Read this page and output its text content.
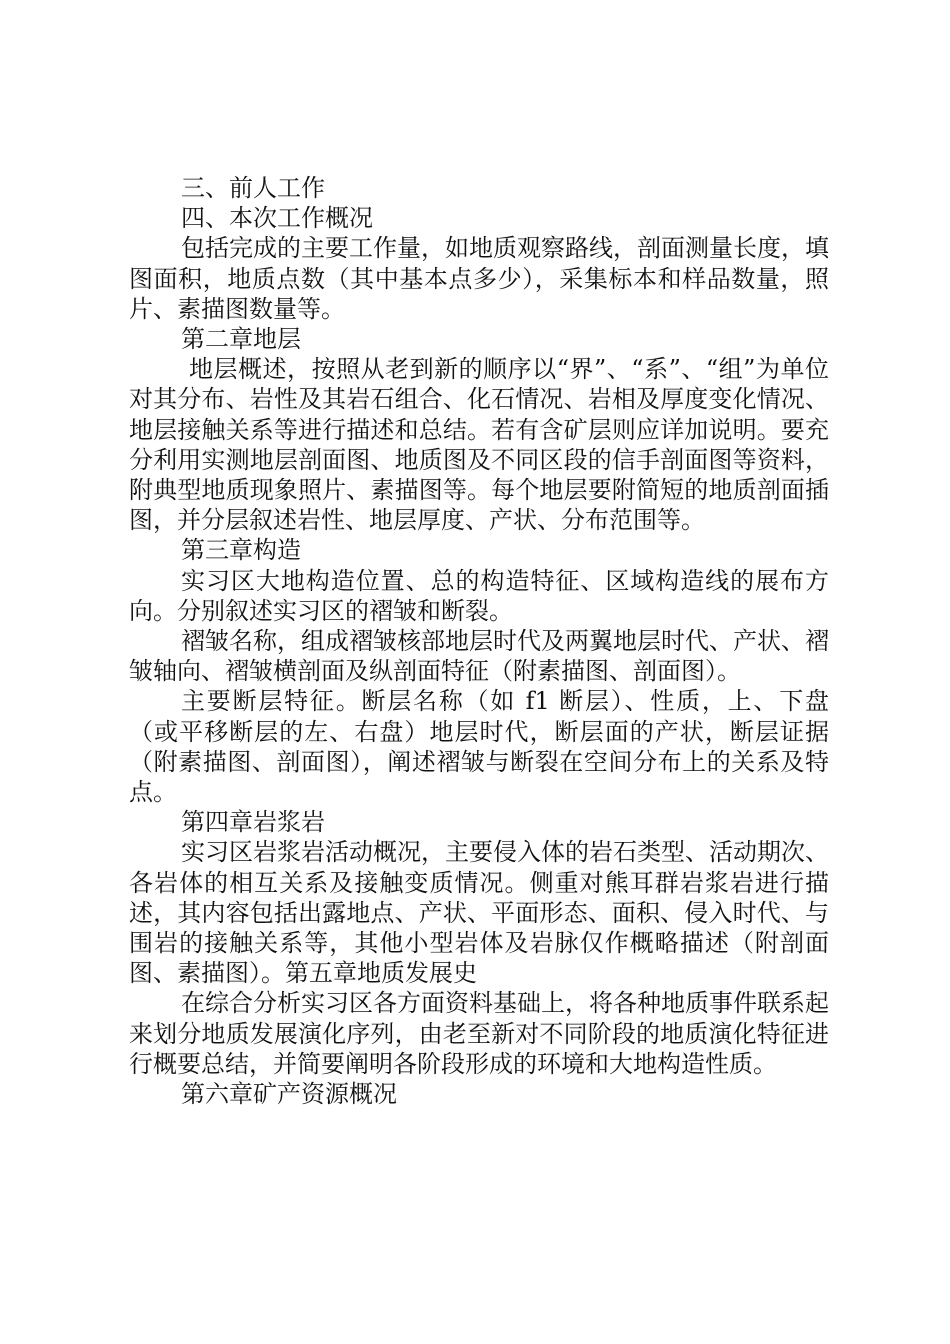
三、前人工作

四、本次工作概况

包括完成的主要工作量，如地质观察路线，剖面测量长度，填图面积，地质点数（其中基本点多少），采集标本和样品数量，照片、素描图数量等。

第二章地层

地层概述，按照从老到新的顺序以“界”、“系”、“组”为单位对其分布、岩性及其岩石组合、化石情况、岩相及厚度变化情况、地层接触关系等进行描述和总结。若有含矿层则应详加说明。要充分利用实测地层剖面图、地质图及不同区段的信手剖面图等资料，附典型地质现象照片、素描图等。每个地层要附简短的地质剖面插图，并分层叙述岩性、地层厚度、产状、分布范围等。

第三章构造

实习区大地构造位置、总的构造特征、区域构造线的展布方向。分别叙述实习区的褶皱和断裂。

褶皱名称，组成褶皱核部地层时代及两翼地层时代、产状、褶皱轴向、褶皱横剖面及纵剖面特征（附素描图、剖面图）。

主要断层特征。断层名称（如 f1 断层）、性质，上、下盘（或平移断层的左、右盘）地层时代，断层面的产状，断层证据（附素描图、剖面图），阐述褶皱与断裂在空间分布上的关系及特点。

第四章岩浆岩

实习区岩浆岩活动概况，主要侵入体的岩石类型、活动期次、各岩体的相互关系及接触变质情况。侧重对熊耳群岩浆岩进行描述，其内容包括出露地点、产状、平面形态、面积、侵入时代、与围岩的接触关系等，其他小型岩体及岩脉仅作概略描述（附剖面图、素描图）。第五章地质发展史

在综合分析实习区各方面资料基础上，将各种地质事件联系起来划分地质发展演化序列，由老至新对不同阶段的地质演化特征进行概要总结，并简要阐明各阶段形成的环境和大地构造性质。

第六章矿产资源概况
